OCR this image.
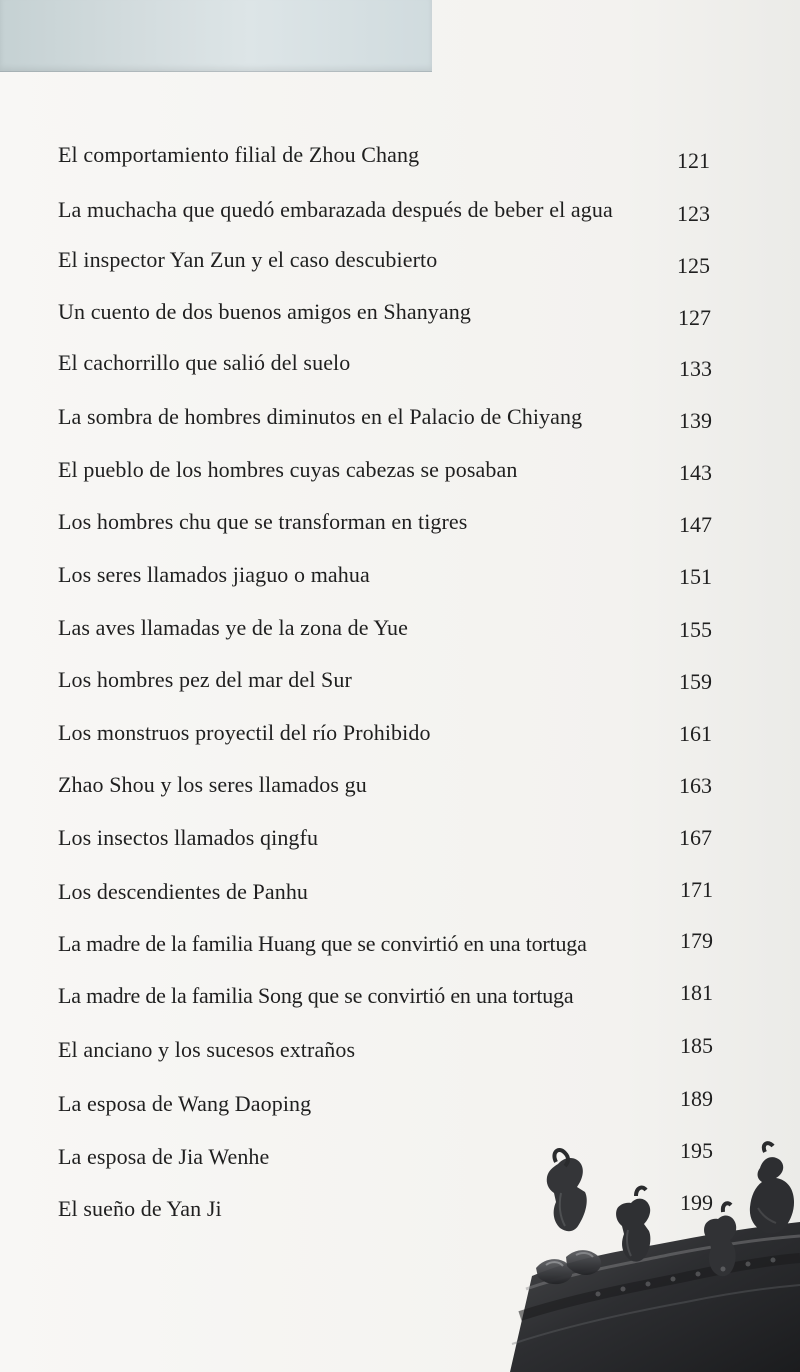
El comportamiento filial de Zhou Chang	121
La muchacha que quedó embarazada después de beber el agua	123
El inspector Yan Zun y el caso descubierto	125
Un cuento de dos buenos amigos en Shanyang	127
El cachorrillo que salió del suelo	133
La sombra de hombres diminutos en el Palacio de Chiyang	139
El pueblo de los hombres cuyas cabezas se posaban	143
Los hombres chu que se transforman en tigres	147
Los seres llamados jiaguo o mahua	151
Las aves llamadas ye de la zona de Yue	155
Los hombres pez del mar del Sur	159
Los monstruos proyectil del río Prohibido	161
Zhao Shou y los seres llamados gu	163
Los insectos llamados qingfu	167
Los descendientes de Panhu	171
La madre de la familia Huang que se convirtió en una tortuga	179
La madre de la familia Song que se convirtió en una tortuga	181
El anciano y los sucesos extraños	185
La esposa de Wang Daoping	189
La esposa de Jia Wenhe	195
El sueño de Yan Ji	199
